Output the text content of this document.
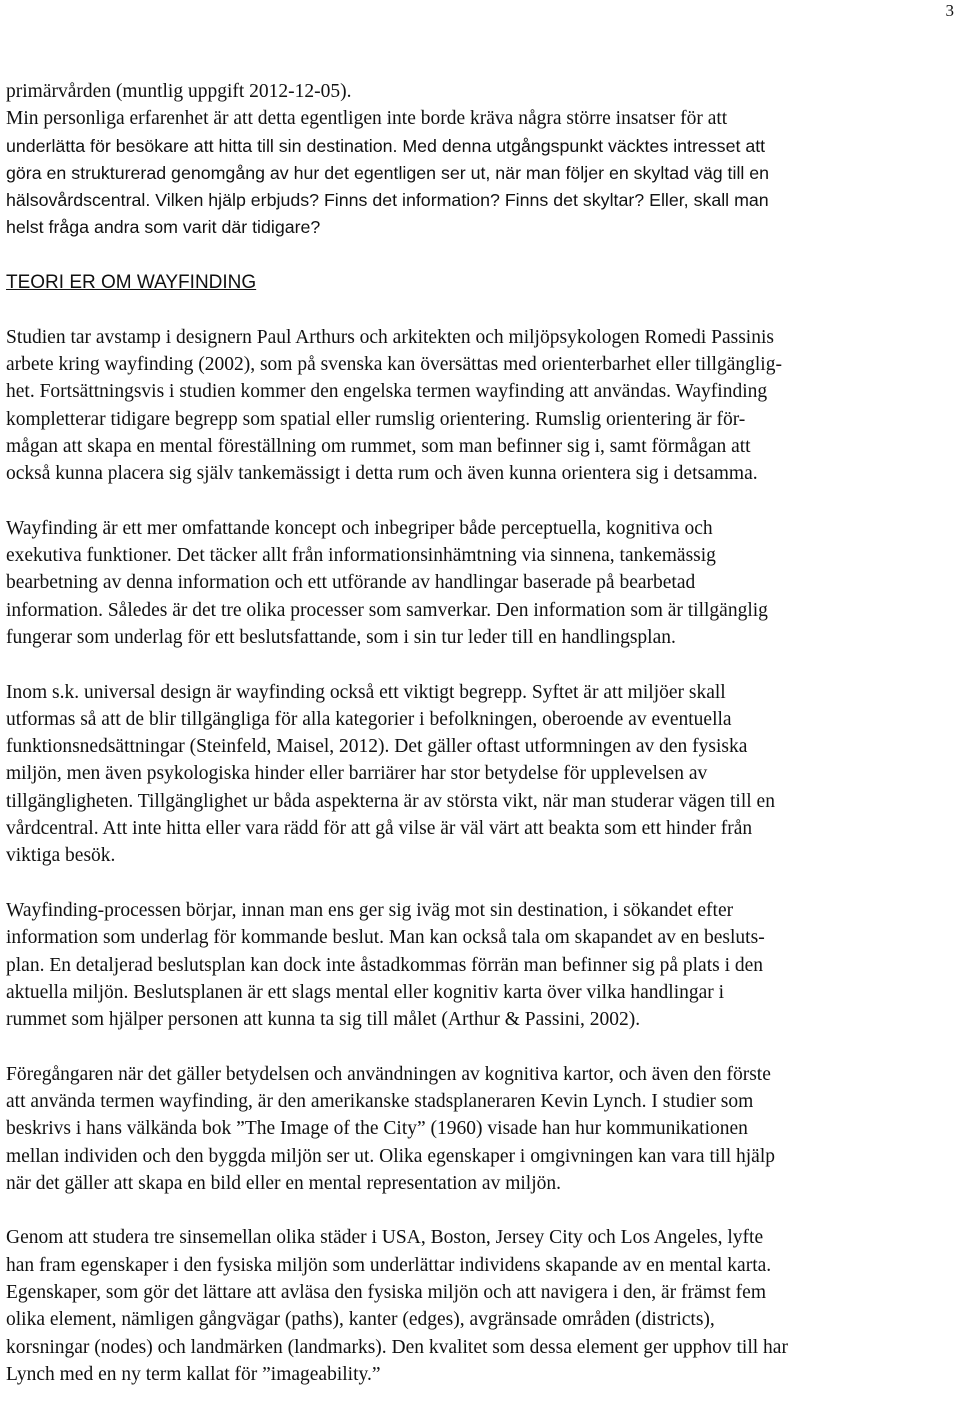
3
primärvården (muntlig uppgift 2012-12-05).
Min personliga erfarenhet är att detta egentligen inte borde kräva några större insatser för att
underlätta för besökare att hitta till sin destination. Med denna utgångspunkt väcktes intresset att
göra en strukturerad genomgång av hur det egentligen ser ut, när man följer en skyltad väg till en
hälsovårdscentral. Vilken hjälp erbjuds? Finns det information? Finns det skyltar? Eller, skall man
helst fråga andra som varit där tidigare?
TEORI ER OM WAYFINDING
Studien tar avstamp i designern Paul Arthurs och arkitekten och miljöpsykologen Romedi Passinis
arbete kring wayfinding (2002), som på svenska kan översättas med orienterbarhet eller tillgänglig-
het. Fortsättningsvis i studien kommer den engelska termen wayfinding att användas. Wayfinding
kompletterar tidigare begrepp som spatial eller rumslig orientering. Rumslig orientering är för-
mågan att skapa en mental föreställning om rummet, som man befinner sig i, samt förmågan att
också kunna placera sig själv tankemässigt i detta rum och även kunna orientera sig i detsamma.
Wayfinding är ett mer omfattande koncept och inbegriper både perceptuella, kognitiva och
exekutiva funktioner. Det täcker allt från informationsinhämtning via sinnena, tankemässig
bearbetning av denna information och ett utförande av handlingar baserade på bearbetad
information. Således är det tre olika processer som samverkar. Den information som är tillgänglig
fungerar som underlag för ett beslutsfattande, som i sin tur leder till en handlingsplan.
Inom s.k. universal design är wayfinding också ett viktigt begrepp. Syftet är att miljöer skall
utformas så att de blir tillgängliga för alla kategorier i befolkningen, oberoende av eventuella
funktionsnedsättningar (Steinfeld, Maisel, 2012). Det gäller oftast utformningen av den fysiska
miljön, men även psykologiska hinder eller barriärer har stor betydelse för upplevelsen av
tillgängligheten. Tillgänglighet ur båda aspekterna är av största vikt, när man studerar vägen till en
vårdcentral. Att inte hitta eller vara rädd för att gå vilse är väl värt att beakta som ett hinder från
viktiga besök.
Wayfinding-processen börjar, innan man ens ger sig iväg mot sin destination, i sökandet efter
information som underlag för kommande beslut. Man kan också tala om skapandet av en besluts-
plan. En detaljerad beslutsplan kan dock inte åstadkommas förrän man befinner sig på plats i den
aktuella miljön. Beslutsplanen är ett slags mental eller kognitiv karta över vilka handlingar i
rummet som hjälper personen att kunna ta sig till målet (Arthur & Passini, 2002).
Föregångaren när det gäller betydelsen och användningen av kognitiva kartor, och även den förste
att använda termen wayfinding, är den amerikanske stadsplaneraren Kevin Lynch. I studier som
beskrivs i hans välkända bok ”The Image of the City” (1960) visade han hur kommunikationen
mellan individen och den byggda miljön ser ut. Olika egenskaper i omgivningen kan vara till hjälp
när det gäller att skapa en bild eller en mental representation av miljön.
Genom att studera tre sinsemellan olika städer i USA, Boston, Jersey City och Los Angeles, lyfte
han fram egenskaper i den fysiska miljön som underlättar individens skapande av en mental karta.
Egenskaper, som gör det lättare att avläsa den fysiska miljön och att navigera i den, är främst fem
olika element, nämligen gångvägar (paths), kanter (edges), avgränsade områden (districts),
korsningar (nodes) och landmärken (landmarks). Den kvalitet som dessa element ger upphov till har
Lynch med en ny term kallat för ”imageability.”
